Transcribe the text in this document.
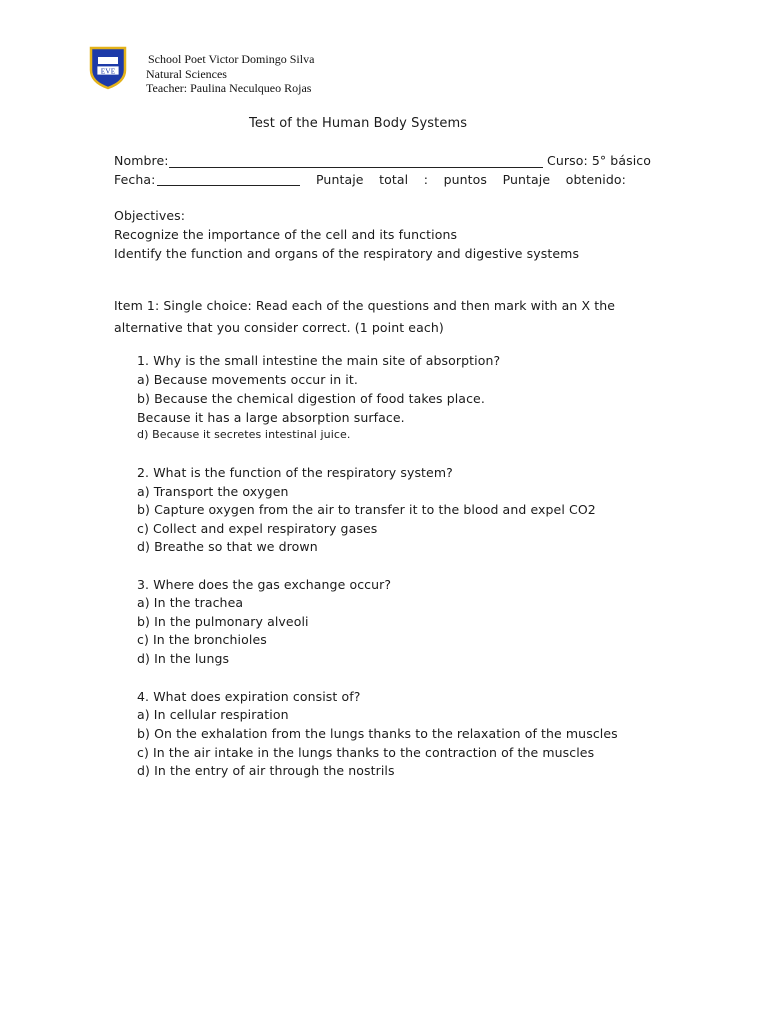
EVE
School Poet Victor Domingo Silva
Natural Sciences
Teacher: Paulina Neculqueo Rojas
Test of the Human Body Systems
Nombre:	Curso: 5° básico
Fecha:	Puntaje total : puntos Puntaje obtenido:
Objectives:
Recognize the importance of the cell and its functions
Identify the function and organs of the respiratory and digestive systems
Item 1: Single choice: Read each of the questions and then mark with an X the
alternative that you consider correct. (1 point each)
1. Why is the small intestine the main site of absorption?
a) Because movements occur in it.
b) Because the chemical digestion of food takes place.
Because it has a large absorption surface.
d) Because it secretes intestinal juice.
2. What is the function of the respiratory system?
a) Transport the oxygen
b) Capture oxygen from the air to transfer it to the blood and expel CO2
c) Collect and expel respiratory gases
d) Breathe so that we drown
3. Where does the gas exchange occur?
a) In the trachea
b) In the pulmonary alveoli
c) In the bronchioles
d) In the lungs
4. What does expiration consist of?
a) In cellular respiration
b) On the exhalation from the lungs thanks to the relaxation of the muscles
c) In the air intake in the lungs thanks to the contraction of the muscles
d) In the entry of air through the nostrils
